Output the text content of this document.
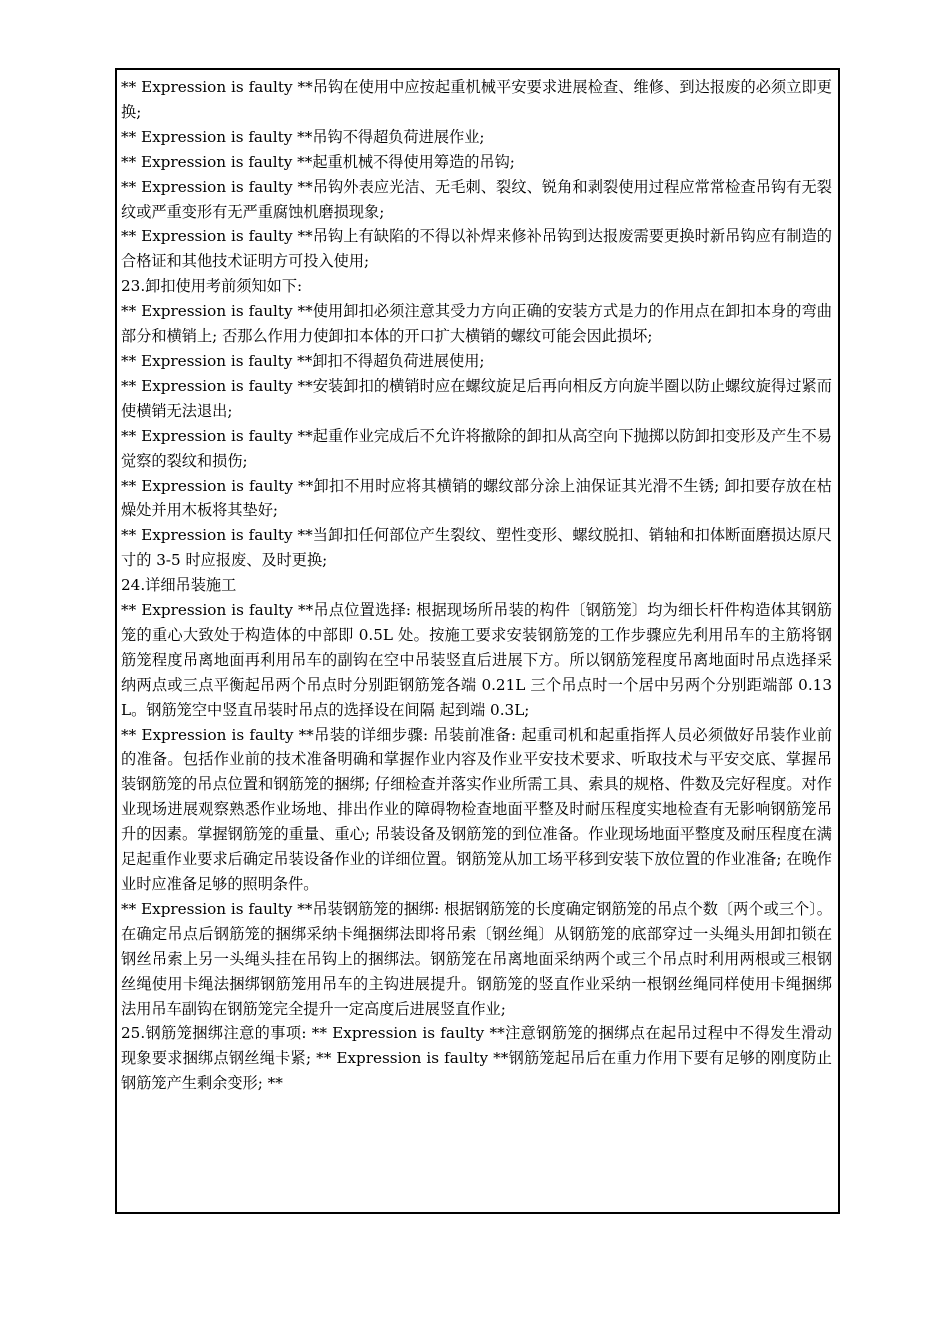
** Expression is faulty **吊钩在使用中应按起重机械平安要求进展检查、维修、到达报废的必须立即更换;

** Expression is faulty **吊钩不得超负荷进展作业;

** Expression is faulty **起重机械不得使用筹造的吊钩;

** Expression is faulty **吊钩外表应光洁、无毛刺、裂纹、锐角和剥裂使用过程应常常检查吊钩有无裂纹或严重变形有无严重腐蚀机磨损现象;

** Expression is faulty **吊钩上有缺陷的不得以补焊来修补吊钩到达报废需要更换时新吊钩应有制造的合格证和其他技术证明方可投入使用;

23.卸扣使用考前须知如下:

** Expression is faulty **使用卸扣必须注意其受力方向正确的安装方式是力的作用点在卸扣本身的弯曲部分和横销上; 否那么作用力使卸扣本体的开口扩大横销的螺纹可能会因此损坏;

** Expression is faulty **卸扣不得超负荷进展使用;

** Expression is faulty **安装卸扣的横销时应在螺纹旋足后再向相反方向旋半圈以防止螺纹旋得过紧而使横销无法退出;

** Expression is faulty **起重作业完成后不允许将撤除的卸扣从高空向下抛掷以防卸扣变形及产生不易觉察的裂纹和损伤;

** Expression is faulty **卸扣不用时应将其横销的螺纹部分涂上油保证其光滑不生锈; 卸扣要存放在枯燥处并用木板将其垫好;

** Expression is faulty **当卸扣任何部位产生裂纹、塑性变形、螺纹脱扣、销轴和扣体断面磨损达原尺寸的 3-5 时应报废、及时更换;

24.详细吊装施工

** Expression is faulty **吊点位置选择: 根据现场所吊装的构件〔钢筋笼〕均为细长杆件构造体其钢筋笼的重心大致处于构造体的中部即 0.5L 处。按施工要求安装钢筋笼的工作步骤应先利用吊车的主筋将钢筋笼程度吊离地面再利用吊车的副钩在空中吊装竖直后进展下方。所以钢筋笼程度吊离地面时吊点选择采纳两点或三点平衡起吊两个吊点时分别距钢筋笼各端 0.21L 三个吊点时一个居中另两个分别距端部 0.13L。钢筋笼空中竖直吊装时吊点的选择设在间隔 起到端 0.3L;

** Expression is faulty **吊装的详细步骤: 吊装前准备: 起重司机和起重指挥人员必须做好吊装作业前的准备。包括作业前的技术准备明确和掌握作业内容及作业平安技术要求、听取技术与平安交底、掌握吊装钢筋笼的吊点位置和钢筋笼的捆绑; 仔细检查并落实作业所需工具、索具的规格、件数及完好程度。对作业现场进展观察熟悉作业场地、排出作业的障碍物检查地面平整及时耐压程度实地检查有无影响钢筋笼吊升的因素。掌握钢筋笼的重量、重心; 吊装设备及钢筋笼的到位准备。作业现场地面平整度及耐压程度在满足起重作业要求后确定吊装设备作业的详细位置。钢筋笼从加工场平移到安装下放位置的作业准备; 在晚作业时应准备足够的照明条件。

** Expression is faulty **吊装钢筋笼的捆绑: 根据钢筋笼的长度确定钢筋笼的吊点个数〔两个或三个〕。在确定吊点后钢筋笼的捆绑采纳卡绳捆绑法即将吊索〔钢丝绳〕从钢筋笼的底部穿过一头绳头用卸扣锁在钢丝吊索上另一头绳头挂在吊钩上的捆绑法。钢筋笼在吊离地面采纳两个或三个吊点时利用两根或三根钢丝绳使用卡绳法捆绑钢筋笼用吊车的主钩进展提升。钢筋笼的竖直作业采纳一根钢丝绳同样使用卡绳捆绑法用吊车副钩在钢筋笼完全提升一定高度后进展竖直作业;

25.钢筋笼捆绑注意的事项: ** Expression is faulty **注意钢筋笼的捆绑点在起吊过程中不得发生滑动现象要求捆绑点钢丝绳卡紧; ** Expression is faulty **钢筋笼起吊后在重力作用下要有足够的刚度防止钢筋笼产生剩余变形; **
